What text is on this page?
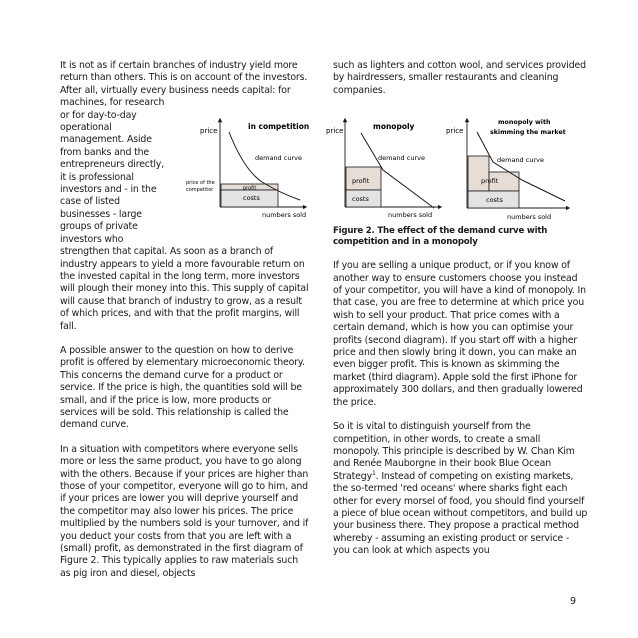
It is not as if certain branches of industry yield more
return than others. This is on account of the investors.
After all, virtually every business needs capital: for
machines, for research or for day-to-day operational management. Aside from banks and the entrepreneurs directly, it is professional investors and - in the case of listed businesses - large groups of private investors who
strengthen that capital. As soon as a branch of industry appears to yield a more favourable return on the invested capital in the long term, more investors will plough their money into this. This supply of capital will cause that branch of industry to grow, as a result of which prices, and with that the profit margins, will fall.

A possible answer to the question on how to derive profit is offered by elementary microeconomic theory. This concerns the demand curve for a product or service. If the price is high, the quantities sold will be small, and if the price is low, more products or services will be sold. This relationship is called the demand curve.

In a situation with competitors where everyone sells more or less the same product, you have to go along with the others. Because if your prices are higher than those of your competitor, everyone will go to him, and if your prices are lower you will deprive yourself and the competitor may also lower his prices. The price multiplied by the numbers sold is your turnover, and if you deduct your costs from that you are left with a (small) profit, as demonstrated in the first diagram of Figure 2. This typically applies to raw materials such as pig iron and diesel, objects

such as lighters and cotton wool, and services provided by hairdressers, smaller restaurants and cleaning companies.

Figure 2. The effect of the demand curve with competition and in a monopoly

If you are selling a unique product, or if you know of another way to ensure customers choose you instead of your competitor, you will have a kind of monopoly. In that case, you are free to determine at which price you wish to sell your product. That price comes with a certain demand, which is how you can optimise your profits (second diagram). If you start off with a higher price and then slowly bring it down, you can make an even bigger profit. This is known as skimming the market (third diagram). Apple sold the first iPhone for approximately 300 dollars, and then gradually lowered the price.

So it is vital to distinguish yourself from the competition, in other words, to create a small monopoly. This principle is described by W. Chan Kim and Renée Mauborgne in their book Blue Ocean Strategy$^1$. Instead of competing on existing markets, the so-termed 'red oceans' where sharks fight each other for every morsel of food, you should find yourself a piece of blue ocean without competitors, and build up your business there. They propose a practical method whereby - assuming an existing product or service - you can look at which aspects you

price	in competition
demand curve
price of the
competitor	profit
costs
numbers sold
price	monopoly
demand curve
profit
costs
numbers sold
price
monopoly with
skimming the market
demand curve
profit
costs
numbers sold
9
